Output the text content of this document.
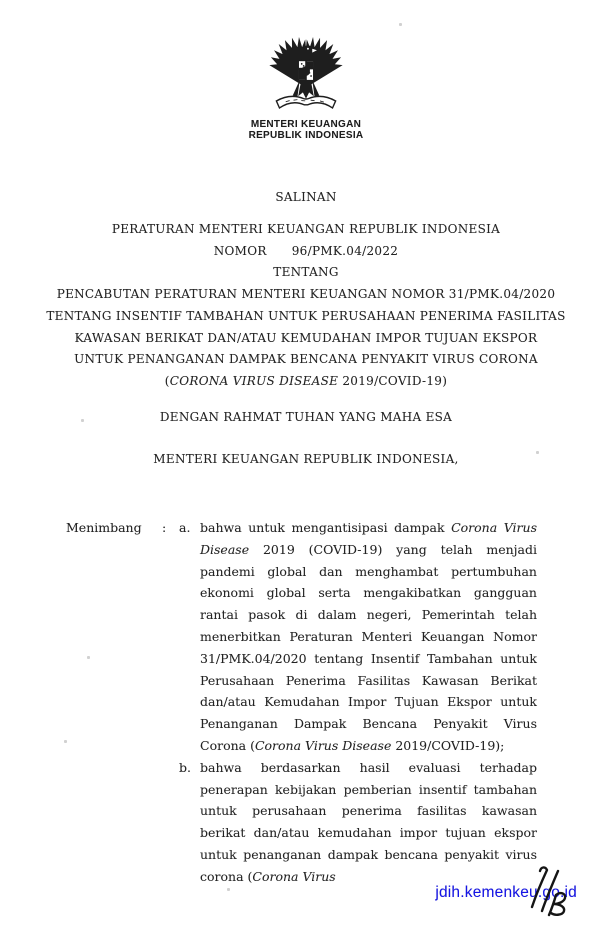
MENTERI KEUANGAN
REPUBLIK INDONESIA
SALINAN
PERATURAN MENTERI KEUANGAN REPUBLIK INDONESIA
NOMOR 96/PMK.04/2022
TENTANG
PENCABUTAN PERATURAN MENTERI KEUANGAN NOMOR 31/PMK.04/2020
TENTANG INSENTIF TAMBAHAN UNTUK PERUSAHAAN PENERIMA FASILITAS
KAWASAN BERIKAT DAN/ATAU KEMUDAHAN IMPOR TUJUAN EKSPOR
UNTUK PENANGANAN DAMPAK BENCANA PENYAKIT VIRUS CORONA
(CORONA VIRUS DISEASE 2019/COVID-19)
DENGAN RAHMAT TUHAN YANG MAHA ESA
MENTERI KEUANGAN REPUBLIK INDONESIA,
Menimbang	:	a. bahwa untuk mengantisipasi dampak Corona Virus Disease 2019 (COVID-19) yang telah menjadi pandemi global dan menghambat pertumbuhan ekonomi global serta mengakibatkan gangguan rantai pasok di dalam negeri, Pemerintah telah menerbitkan Peraturan Menteri Keuangan Nomor 31/PMK.04/2020 tentang Insentif Tambahan untuk Perusahaan Penerima Fasilitas Kawasan Berikat dan/atau Kemudahan Impor Tujuan Ekspor untuk Penanganan Dampak Bencana Penyakit Virus Corona (Corona Virus Disease 2019/COVID-19);
b. bahwa berdasarkan hasil evaluasi terhadap penerapan kebijakan pemberian insentif tambahan untuk perusahaan penerima fasilitas kawasan berikat dan/atau kemudahan impor tujuan ekspor untuk penanganan dampak bencana penyakit virus corona (Corona Virus
jdih.kemenkeu.go.id
